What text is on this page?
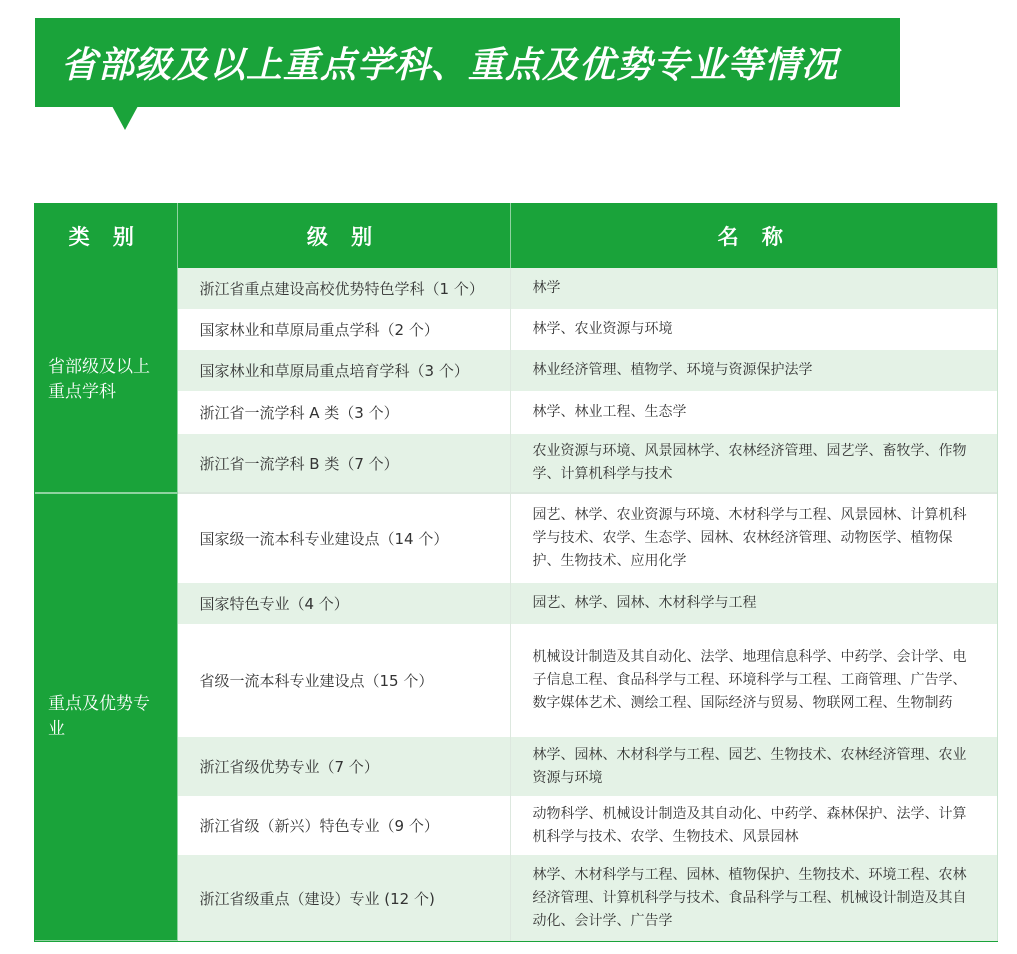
省部级及以上重点学科、重点及优势专业等情况
类 别	级 别	名 称
省部级及以上重点学科	浙江省重点建设高校优势特色学科（1 个）	林学
	国家林业和草原局重点学科（2 个）	林学、农业资源与环境
	国家林业和草原局重点培育学科（3 个）	林业经济管理、植物学、环境与资源保护法学
	浙江省一流学科 A 类（3 个）	林学、林业工程、生态学
	浙江省一流学科 B 类（7 个）	农业资源与环境、风景园林学、农林经济管理、园艺学、畜牧学、作物学、计算机科学与技术
重点及优势专业	国家级一流本科专业建设点（14 个）	园艺、林学、农业资源与环境、木材科学与工程、风景园林、计算机科学与技术、农学、生态学、园林、农林经济管理、动物医学、植物保护、生物技术、应用化学
	国家特色专业（4 个）	园艺、林学、园林、木材科学与工程
	省级一流本科专业建设点（15 个）	机械设计制造及其自动化、法学、地理信息科学、中药学、会计学、电子信息工程、食品科学与工程、环境科学与工程、工商管理、广告学、数字媒体艺术、测绘工程、国际经济与贸易、物联网工程、生物制药
	浙江省级优势专业（7 个）	林学、园林、木材科学与工程、园艺、生物技术、农林经济管理、农业资源与环境
	浙江省级（新兴）特色专业（9 个）	动物科学、机械设计制造及其自动化、中药学、森林保护、法学、计算机科学与技术、农学、生物技术、风景园林
	浙江省级重点（建设）专业 (12 个)	林学、木材科学与工程、园林、植物保护、生物技术、环境工程、农林经济管理、计算机科学与技术、食品科学与工程、机械设计制造及其自动化、会计学、广告学
